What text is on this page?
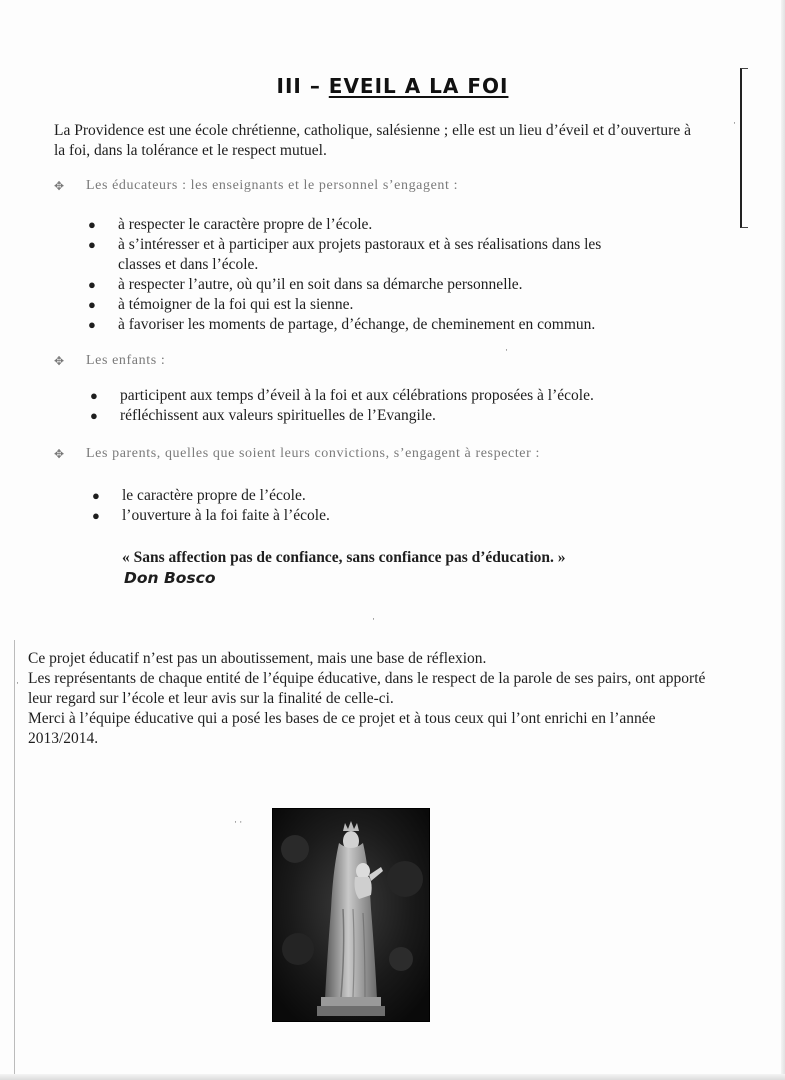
·
·
·
· ·
·
III – EVEIL A LA FOI

La Providence est une école chrétienne, catholique, salésienne ; elle est un lieu d’éveil et d’ouverture à la foi, dans la tolérance et le respect mutuel.

✥	Les éducateurs : les enseignants et le personnel s’engagent :
● à respecter le caractère propre de l’école.
● à s’intéresser et à participer aux projets pastoraux et à ses réalisations dans les classes et dans l’école.
● à respecter l’autre, où qu’il en soit dans sa démarche personnelle.
● à témoigner de la foi qui est la sienne.
● à favoriser les moments de partage, d’échange, de cheminement en commun.
✥	Les enfants :
● participent aux temps d’éveil à la foi et aux célébrations proposées à l’école.
● réfléchissent aux valeurs spirituelles de l’Evangile.
✥	Les parents, quelles que soient leurs convictions, s’engagent à respecter :
● le caractère propre de l’école.
● l’ouverture à la foi faite à l’école.
« Sans affection pas de confiance, sans confiance pas d’éducation. »
Don Bosco
Ce projet éducatif n’est pas un aboutissement, mais une base de réflexion.
Les représentants de chaque entité de l’équipe éducative, dans le respect de la parole de ses pairs, ont apporté leur regard sur l’école et leur avis sur la finalité de celle-ci.
Merci à l’équipe éducative qui a posé les bases de ce projet et à tous ceux qui l’ont enrichi en l’année 2013/2014.
